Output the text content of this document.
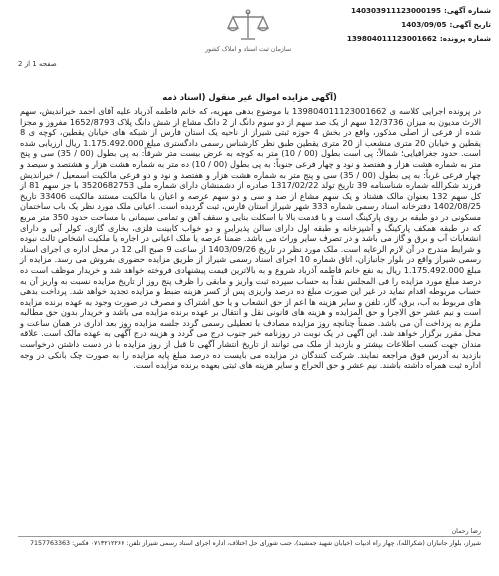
شماره آگهی:
140303911123000195
تاریخ آگهی:
1403/09/05
شماره پرونده:
139804011123001662
سازمان ثبت اسناد و املاک کشور
صفحه 1 از 2
(آگهی مزایده اموال غیر منقول (اسناد ذمه
در پرونده اجرایی کلاسه ی 139804011123001662 با موضوع بدهی مهریه، که خانم فاطمه آذرباد علیه آقای احمد خیراندیش، سهم الارث مدیون به میزان 12/3736 سهم از یک صد سهم از دو سوم دانگ از 2 دانگ مشاع از شش دانگ پلاک 1652/8793 مفروز و مجزا شده از فرعی از اصلی مذکور، واقع در بخش 4 حوزه ثبتی شیراز از ناحیه یک استان فارس از شبکه های خیابان یقطین، کوچه ی 8 یقطین و خیابان 20 متری منشعب از 20 متری یقطین طبق نظر کارشناس رسمی دادگستری مبلغ 1.175.492.000 ریال ارزیابی شده است. حدود جغرافیایی؛ شمالاً: پی است بطول (00 / 10) متر به کوچه به عرض بیست متر شرقاً: به پی بطول (00 / 35) سی و پنج متر به شماره هشت هزار و هفتصد و نود و چهار فرعی جنوباً: به پی بطول (00 / 10) ده متر به شماره هشت هزار و هشتصد و سیصد و چهار فرعی غرباً: به پی بطول (00 / 35) سی و پنج متر به شماره هشت هزار و هفتصد و نود و دو فرعی مالکیت اسمعیل / خیراندیش فرزند شکرالله شماره شناسنامه 39 تاریخ تولد 1317/02/22 صادره از دشمنشان دارای شماره ملی 3520682753 با جز سهم 81 از کل سهم 132 بعنوان مالک هشتاد و یک سهم مشاع از صد و سی و دو سهم عرصه و اعیان با مالکیت مستند مالکیت 33406 تاریخ 1402/08/25 دفترخانه اسناد رسمی شماره 333 شهر شیراز استان فارس، ثبت گردیده است. اعیانی ملک مورد نظر یک باب ساختمان مسکونی در دو طبقه بر روی پارکینگ است و با قدمت بالا با اسکلت بنایی و سقف آهن و تمامی سیمانی با مساحت حدود 350 متر مربع که در طبقه همکف پارکینگ و آشپزخانه و طبقه اول دارای سالن پذیرایی و دو خواب کابینت فلزی، بخاری گازی، کولر آبی و دارای انشعابات آب و برق و گاز می باشد و در تصرف سایر وراث می باشد. ضمناً عرصه یا ملک اعیانی در اجاره یا ملکیت اشخاص ثالث نبوده و شرایط مندرج در آن لازم الرعایه است. ملک مورد نظر در تاریخ 1403/09/26 از ساعت 9 صبح الی 12 در محل اداره ی اجرای اسناد رسمی شیراز واقع در بلوار جانبازان، اتاق شماره 10 اجرای اسناد رسمی شیراز از طریق مزایده حضوری بفروش می رسد. مزایده از مبلغ 1.175.492.000 ریال به نفع خانم فاطمه آذرباد شروع و به بالاترین قیمت پیشنهادی فروخته خواهد شد و خریدار موظف است ده درصد مبلغ مورد مزایده را فی المجلس نقداً به حساب سپرده ثبت واریز و مابقی را ظرف پنج روز از تاریخ مزایده نسبت به واریز آن به حساب مربوطه اقدام نماید در غیر این صورت مبلغ ده درصد واریزی پس از کسر هزینه ضبط و مزایده تجدید خواهد شد. پرداخت بدهی های مربوط به آب، برق، گاز، تلفن و سایر هزینه ها اعم از حق انشعاب و یا حق اشتراک و مصرف در صورت وجود به عهده برنده مزایده است و نیم عشر حق الاجرا و حق المزایده و هزینه های قانونی نقل و انتقال بر عهده برنده مزایده می باشد و خریدار بدون حق مطالبه ملزم به پرداخت آن می باشد. ضمناً چنانچه روز مزایده مصادف با تعطیلی رسمی گردد جلسه مزایده روز بعد اداری در همان ساعت و محل مقرر برگزار خواهد شد. این آگهی در یک نوبت در روزنامه خبر جنوب درج می گردد و هزینه درج آگهی به عهده مالک است. علاقه مندان جهت کسب اطلاعات بیشتر و بازدید از ملک می توانند از تاریخ انتشار آگهی تا قبل از روز مزایده با در دست داشتن درخواست بازدید به آدرس فوق مراجعه نمایند. شرکت کنندگان در مزایده می بایست ده درصد مبلغ پایه مزایده را به صورت چک بانکی در وجه اداره ثبت همراه داشته باشند. نیم عشر و حق الحراج و سایر هزینه های ثبتی بعهده برنده مزایده است.
رضا رحمان
شیراز، بلوار جانبازان (شکرالله)، چهار راه ادبیات (خیابان شهید جمشید)، جنب شورای حل اختلاف، اداره اجرای اسناد رسمی شیراز تلفن: ۰۷۱۳۲۱۲۲۶۶ فکس: 7157763363
